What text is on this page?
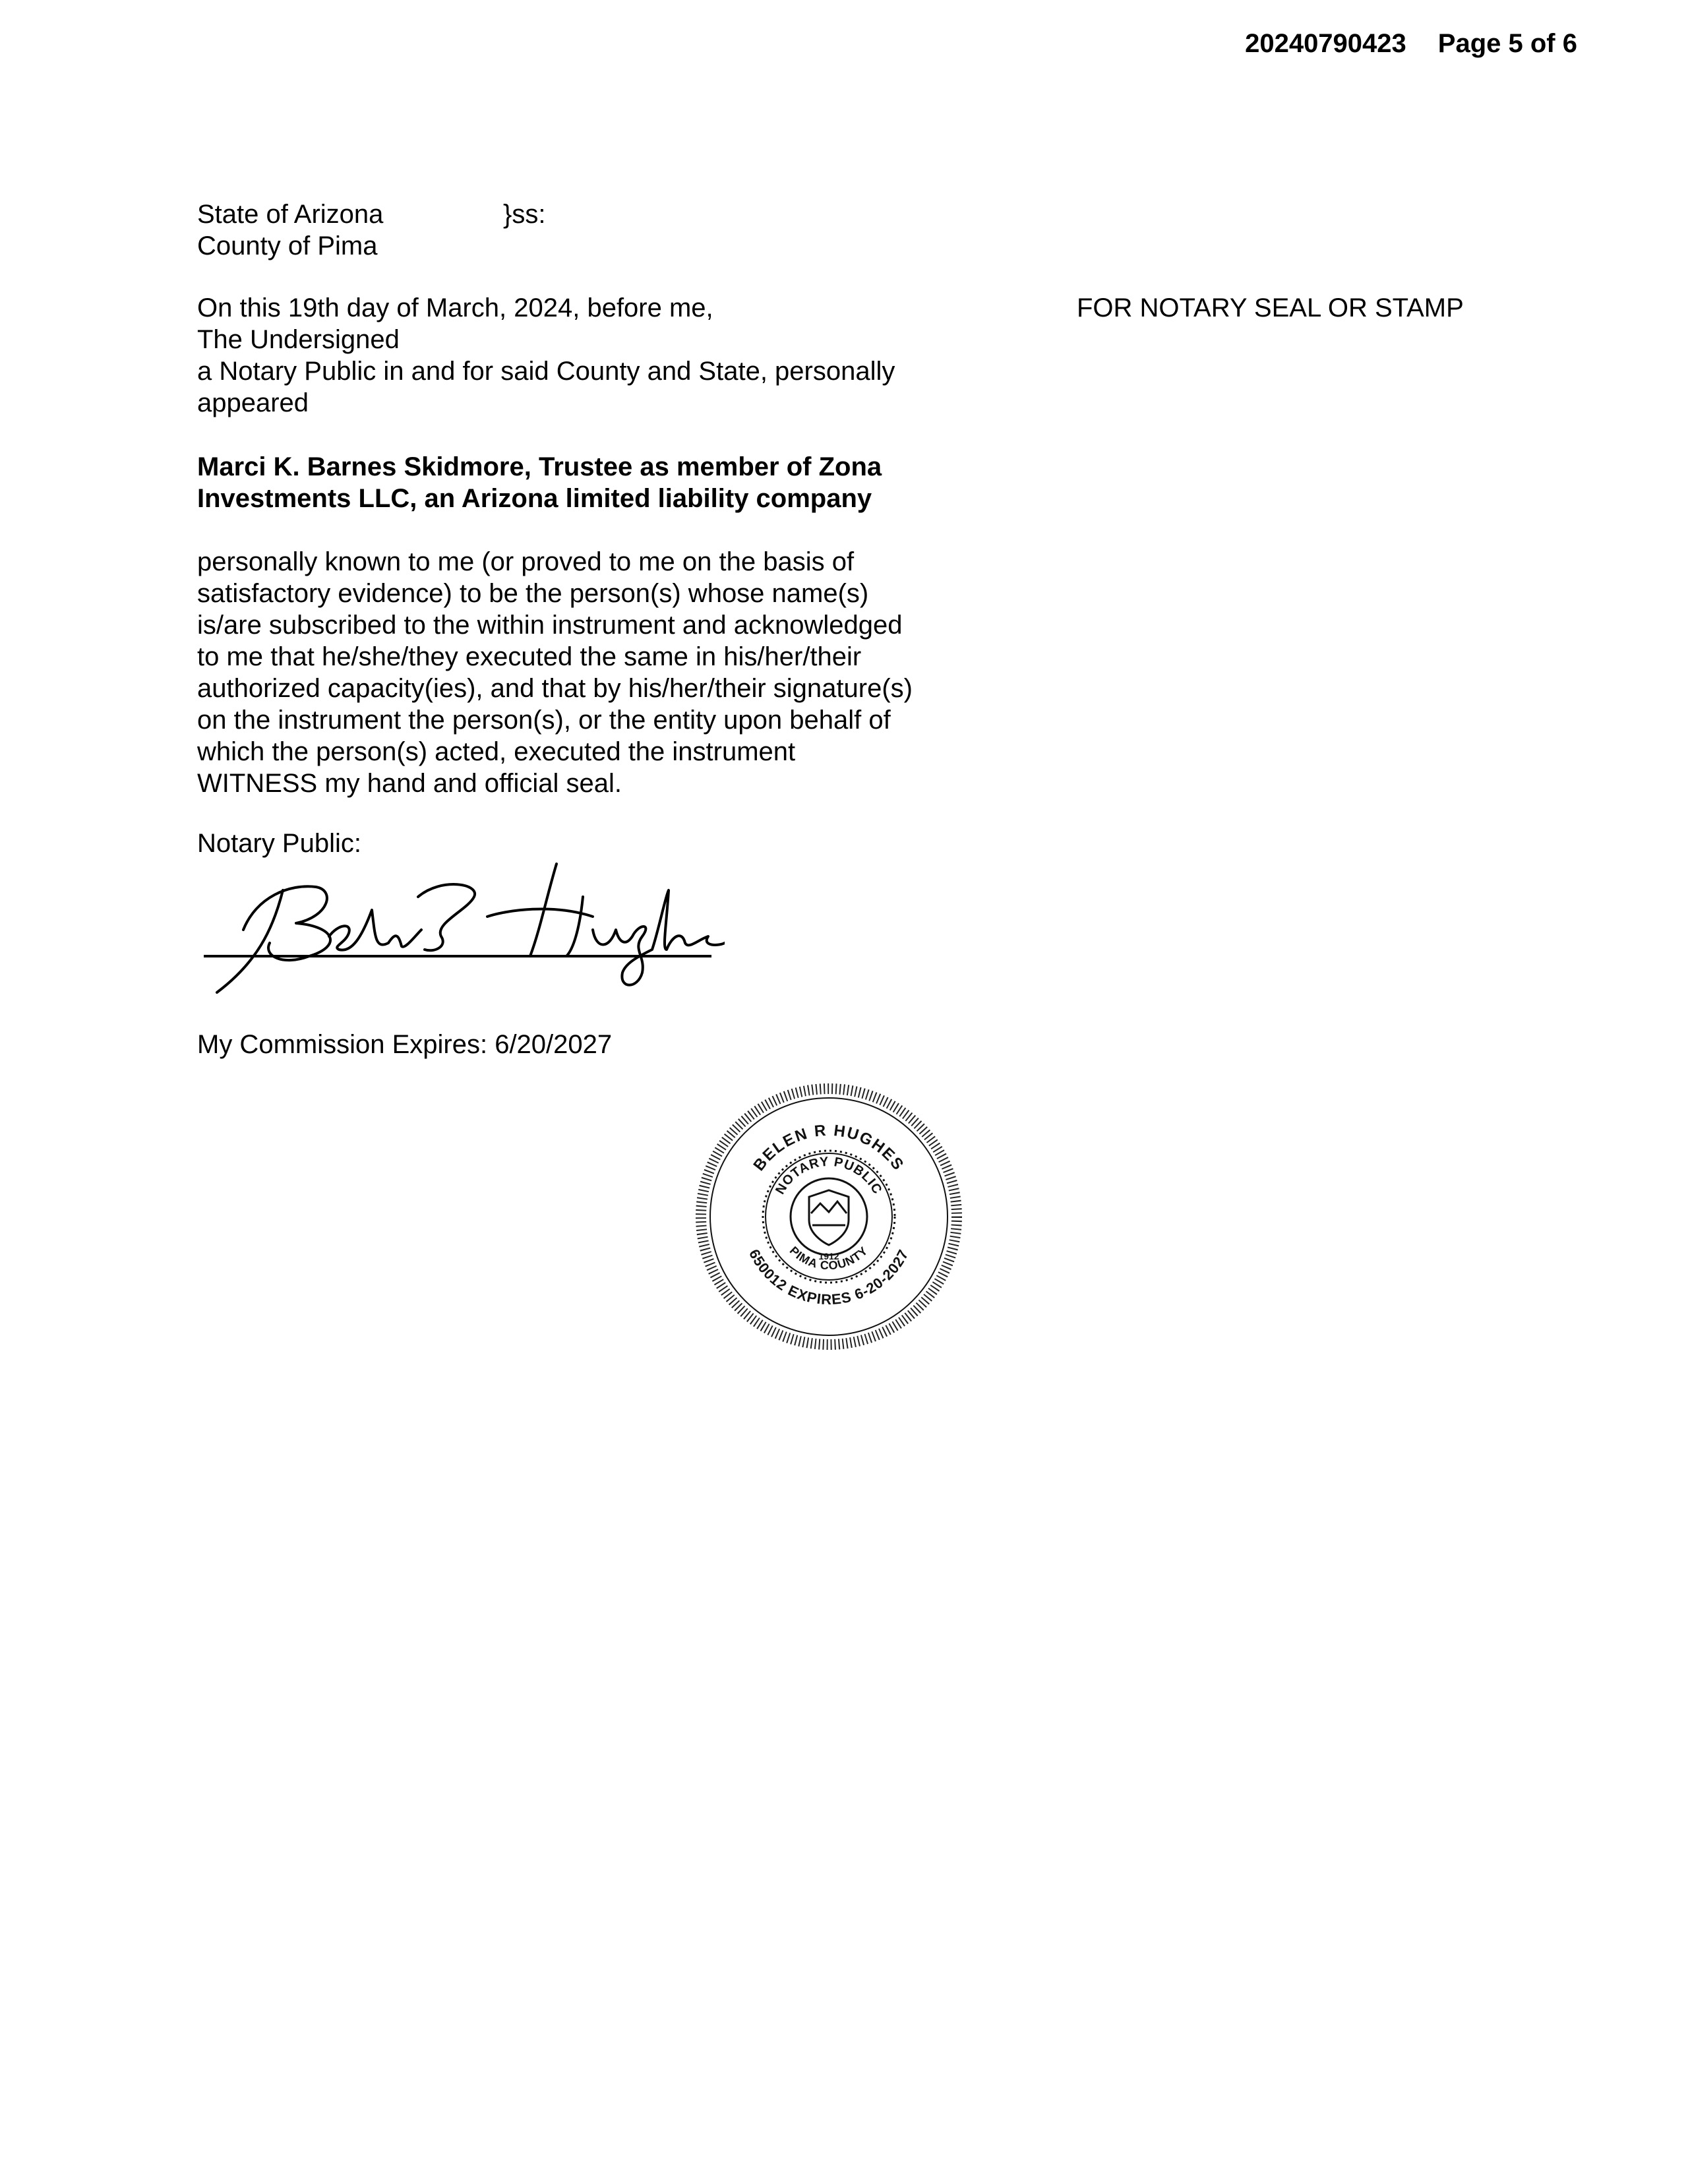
20240790423 Page 5 of 6
State of Arizona
County of Pima
}ss:
On this 19th day of March, 2024, before me,
The Undersigned
a Notary Public in and for said County and State, personally
appeared
FOR NOTARY SEAL OR STAMP
Marci K. Barnes Skidmore, Trustee as member of Zona
Investments LLC, an Arizona limited liability company
personally known to me (or proved to me on the basis of
satisfactory evidence) to be the person(s) whose name(s)
is/are subscribed to the within instrument and acknowledged
to me that he/she/they executed the same in his/her/their
authorized capacity(ies), and that by his/her/their signature(s)
on the instrument the person(s), or the entity upon behalf of
which the person(s) acted, executed the instrument
WITNESS my hand and official seal.
Notary Public:
My Commission Expires: 6/20/2027
BELEN R HUGHES
650012 EXPIRES 6-20-2027
NOTARY PUBLIC
PIMA COUNTY
1912
